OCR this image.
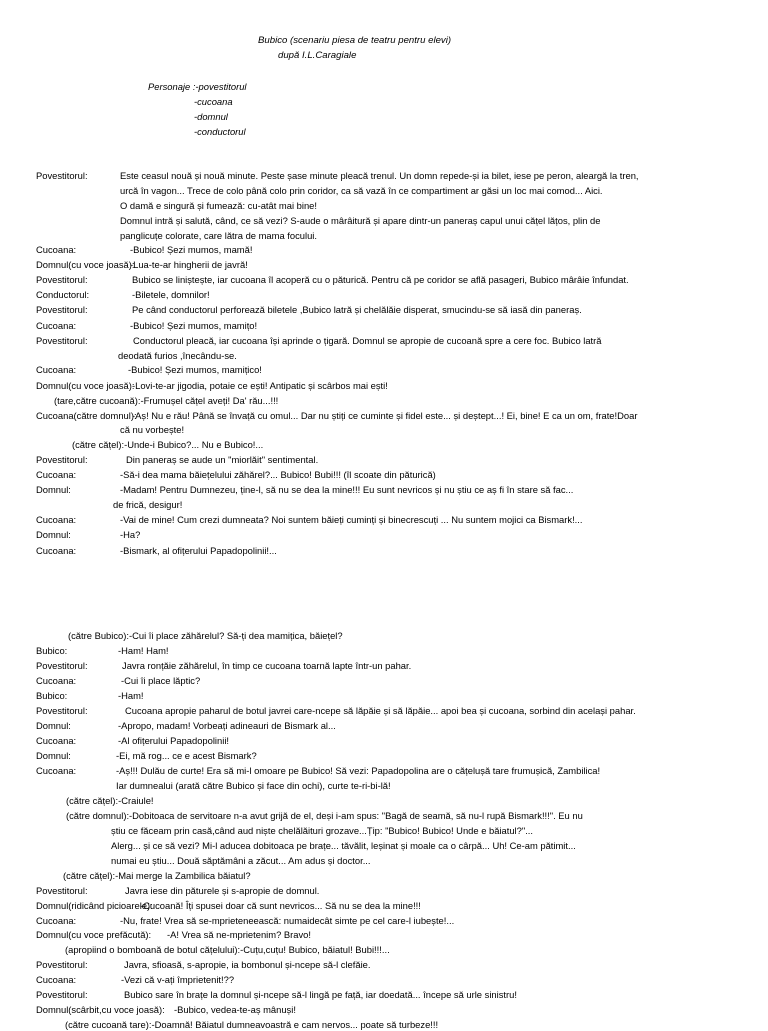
Bubico (scenariu piesa de teatru pentru elevi)
după I.L.Caragiale
Personaje :-povestitorul
-cucoana
-domnul
-conductorul
Povestitorul:	Este ceasul nouă și nouă minute. Peste șase minute pleacă trenul. Un domn repede-și ia bilet, iese pe peron, aleargă la tren,
urcă în vagon... Trece de colo până colo prin coridor, ca să vază în ce compartiment ar găsi un loc mai comod... Aici.
O damă e singură și fumează: cu-atât mai bine!
Domnul intră și salută, când, ce să vezi? S-aude o mârâitură și apare dintr-un paneraș capul unui cățel lățos, plin de
panglicuțe colorate, care lătra de mama focului.
Cucoana:	-Bubico! Șezi mumos, mamă!
Domnul(cu voce joasă):
-Lua-te-ar hingherii de javră!
Povestitorul:	Bubico se liniștește, iar cucoana îl acoperă cu o păturică. Pentru că pe coridor se află pasageri, Bubico mârâie înfundat.
Conductorul:	-Biletele, domnilor!
Povestitorul:	Pe când conductorul perforează biletele ,Bubico latră și chelălăie disperat, smucindu-se să iasă din paneraș.
Cucoana:	-Bubico! Șezi mumos, mamițo!
Povestitorul:	Conductorul pleacă, iar cucoana își aprinde o țigară. Domnul se apropie de cucoană spre a cere foc. Bubico latră
deodată furios ,înecându-se.
Cucoana:	-Bubico! Șezi mumos, mamițico!
Domnul(cu voce joasă):
-Lovi-te-ar jigodia, potaie ce ești! Antipatic și scârbos mai ești!
(tare,către cucoană):-Frumușel cățel aveți! Da' rău...!!!
Cucoana(către domnul):
-Aș! Nu e rău! Până se învață cu omul... Dar nu știți ce cuminte și fidel este... și deștept...! Ei, bine! E ca un om, frate!Doar
că nu vorbește!
(către cățel):-Unde-i Bubico?... Nu e Bubico!...
Povestitorul:	Din paneraș se aude un "miorlăit" sentimental.
Cucoana:	-Să-i dea mama băiețelului zăhărel?... Bubico! Bubi!!! (îl scoate din păturică)
Domnul:	-Madam! Pentru Dumnezeu, ține-l, să nu se dea la mine!!! Eu sunt nevricos și nu știu ce aș fi în stare să fac...
de frică, desigur!
Cucoana:	-Vai de mine! Cum crezi dumneata? Noi suntem băieți cuminți și binecrescuți ... Nu suntem mojici ca Bismark!...
Domnul:	-Ha?
Cucoana:	-Bismark, al ofițerului Papadopolinii!...
(către Bubico):-Cui îi place zăhărelul? Să-ți dea mamițica, băiețel?
Bubico:	-Ham! Ham!
Povestitorul:	Javra ronțăie zăhărelul, în timp ce cucoana toarnă lapte într-un pahar.
Cucoana:	-Cui îi place lăptic?
Bubico:	-Ham!
Povestitorul:	Cucoana apropie paharul de botul javrei care-ncepe să lăpăie și să lăpăie... apoi bea și cucoana, sorbind din același pahar.
Domnul:	-Apropo, madam! Vorbeați adineauri de Bismark al...
Cucoana:	-Al ofițerului Papadopolinii!
Domnul:	-Ei, mă rog... ce e acest Bismark?
Cucoana:	-Aș!!! Dulău de curte! Era să mi-l omoare pe Bubico! Să vezi: Papadopolina are o cățelușă tare frumușică, Zambilica!
Iar dumnealui (arată către Bubico și face din ochi), curte te-ri-bi-lă!
(către cățel):-Craiule!
(către domnul):-Dobitoaca de servitoare n-a avut grijă de el, deși i-am spus: "Bagă de seamă, să nu-l rupă Bismark!!!". Eu nu
știu ce făceam prin casă,când aud niște chelălăituri grozave...Țip: "Bubico! Bubico! Unde e băiatul?"...
Alerg... și ce să vezi? Mi-l aducea dobitoaca pe brațe... tăvălit, leșinat și moale ca o cârpă... Uh! Ce-am pătimit...
numai eu știu... Două săptămâni a zăcut... Am adus și doctor...
(către cățel):-Mai merge la Zambilica băiatul?
Povestitorul:	Javra iese din păturele și s-apropie de domnul.
Domnul(ridicând picioarele):
-Cucoană! Îți spusei doar că sunt nevricos... Să nu se dea la mine!!!
Cucoana:	-Nu, frate! Vrea să se-mprieteneească: numaidecât simte pe cel care-l iubește!...
Domnul(cu voce prefăcută): -A! Vrea să ne-mprietenim? Bravo!
(apropiind o bomboană de botul cățelului):-Cuțu,cuțu! Bubico, băiatul! Bubi!!!...
Povestitorul:	Javra, sfioasă, s-apropie, ia bombonul și-ncepe să-l clefăie.
Cucoana:	-Vezi că v-ați împrietenit!??
Povestitorul:	Bubico sare în brațe la domnul și-ncepe să-l lingă pe față, iar doedată... începe să urle sinistru!
Domnul(scârbit,cu voce joasă): -Bubico, vedea-te-aș mânuși!
(către cucoană tare):-Doamnă! Băiatul dumneavoastră e cam nervos... poate să turbeze!!!
